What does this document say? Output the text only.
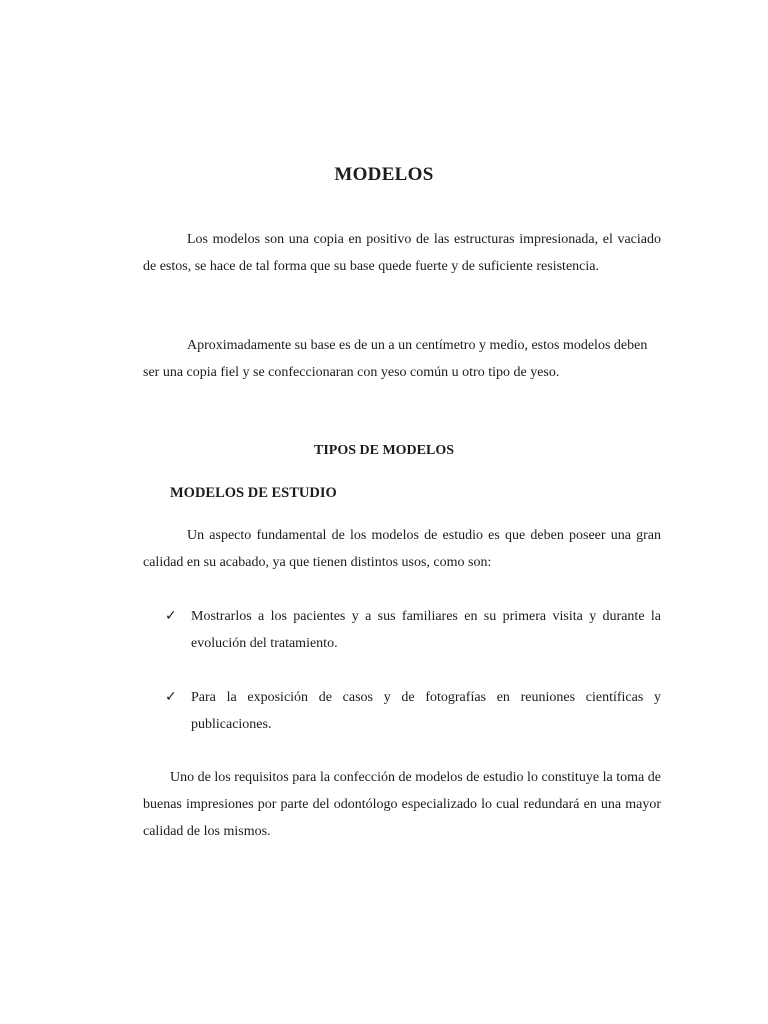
MODELOS

Los modelos son una copia en positivo de las estructuras impresionada, el vaciado de estos, se hace de tal forma que su base quede fuerte y de suficiente resistencia.

Aproximadamente su base es de un a un centímetro y medio, estos modelos deben ser una copia fiel y se confeccionaran con yeso común u otro tipo de yeso.

TIPOS DE MODELOS
MODELOS DE ESTUDIO

Un aspecto fundamental de los modelos de estudio es que deben poseer una gran calidad en su acabado, ya que tienen distintos usos, como son:

✓	Mostrarlos a los pacientes y a sus familiares en su primera visita y durante la evolución del tratamiento.
✓	Para la exposición de casos y de fotografías en reuniones científicas y publicaciones.

Uno de los requisitos para la confección de modelos de estudio lo constituye la toma de buenas impresiones por parte del odontólogo especializado lo cual redundará en una mayor calidad de los mismos.
